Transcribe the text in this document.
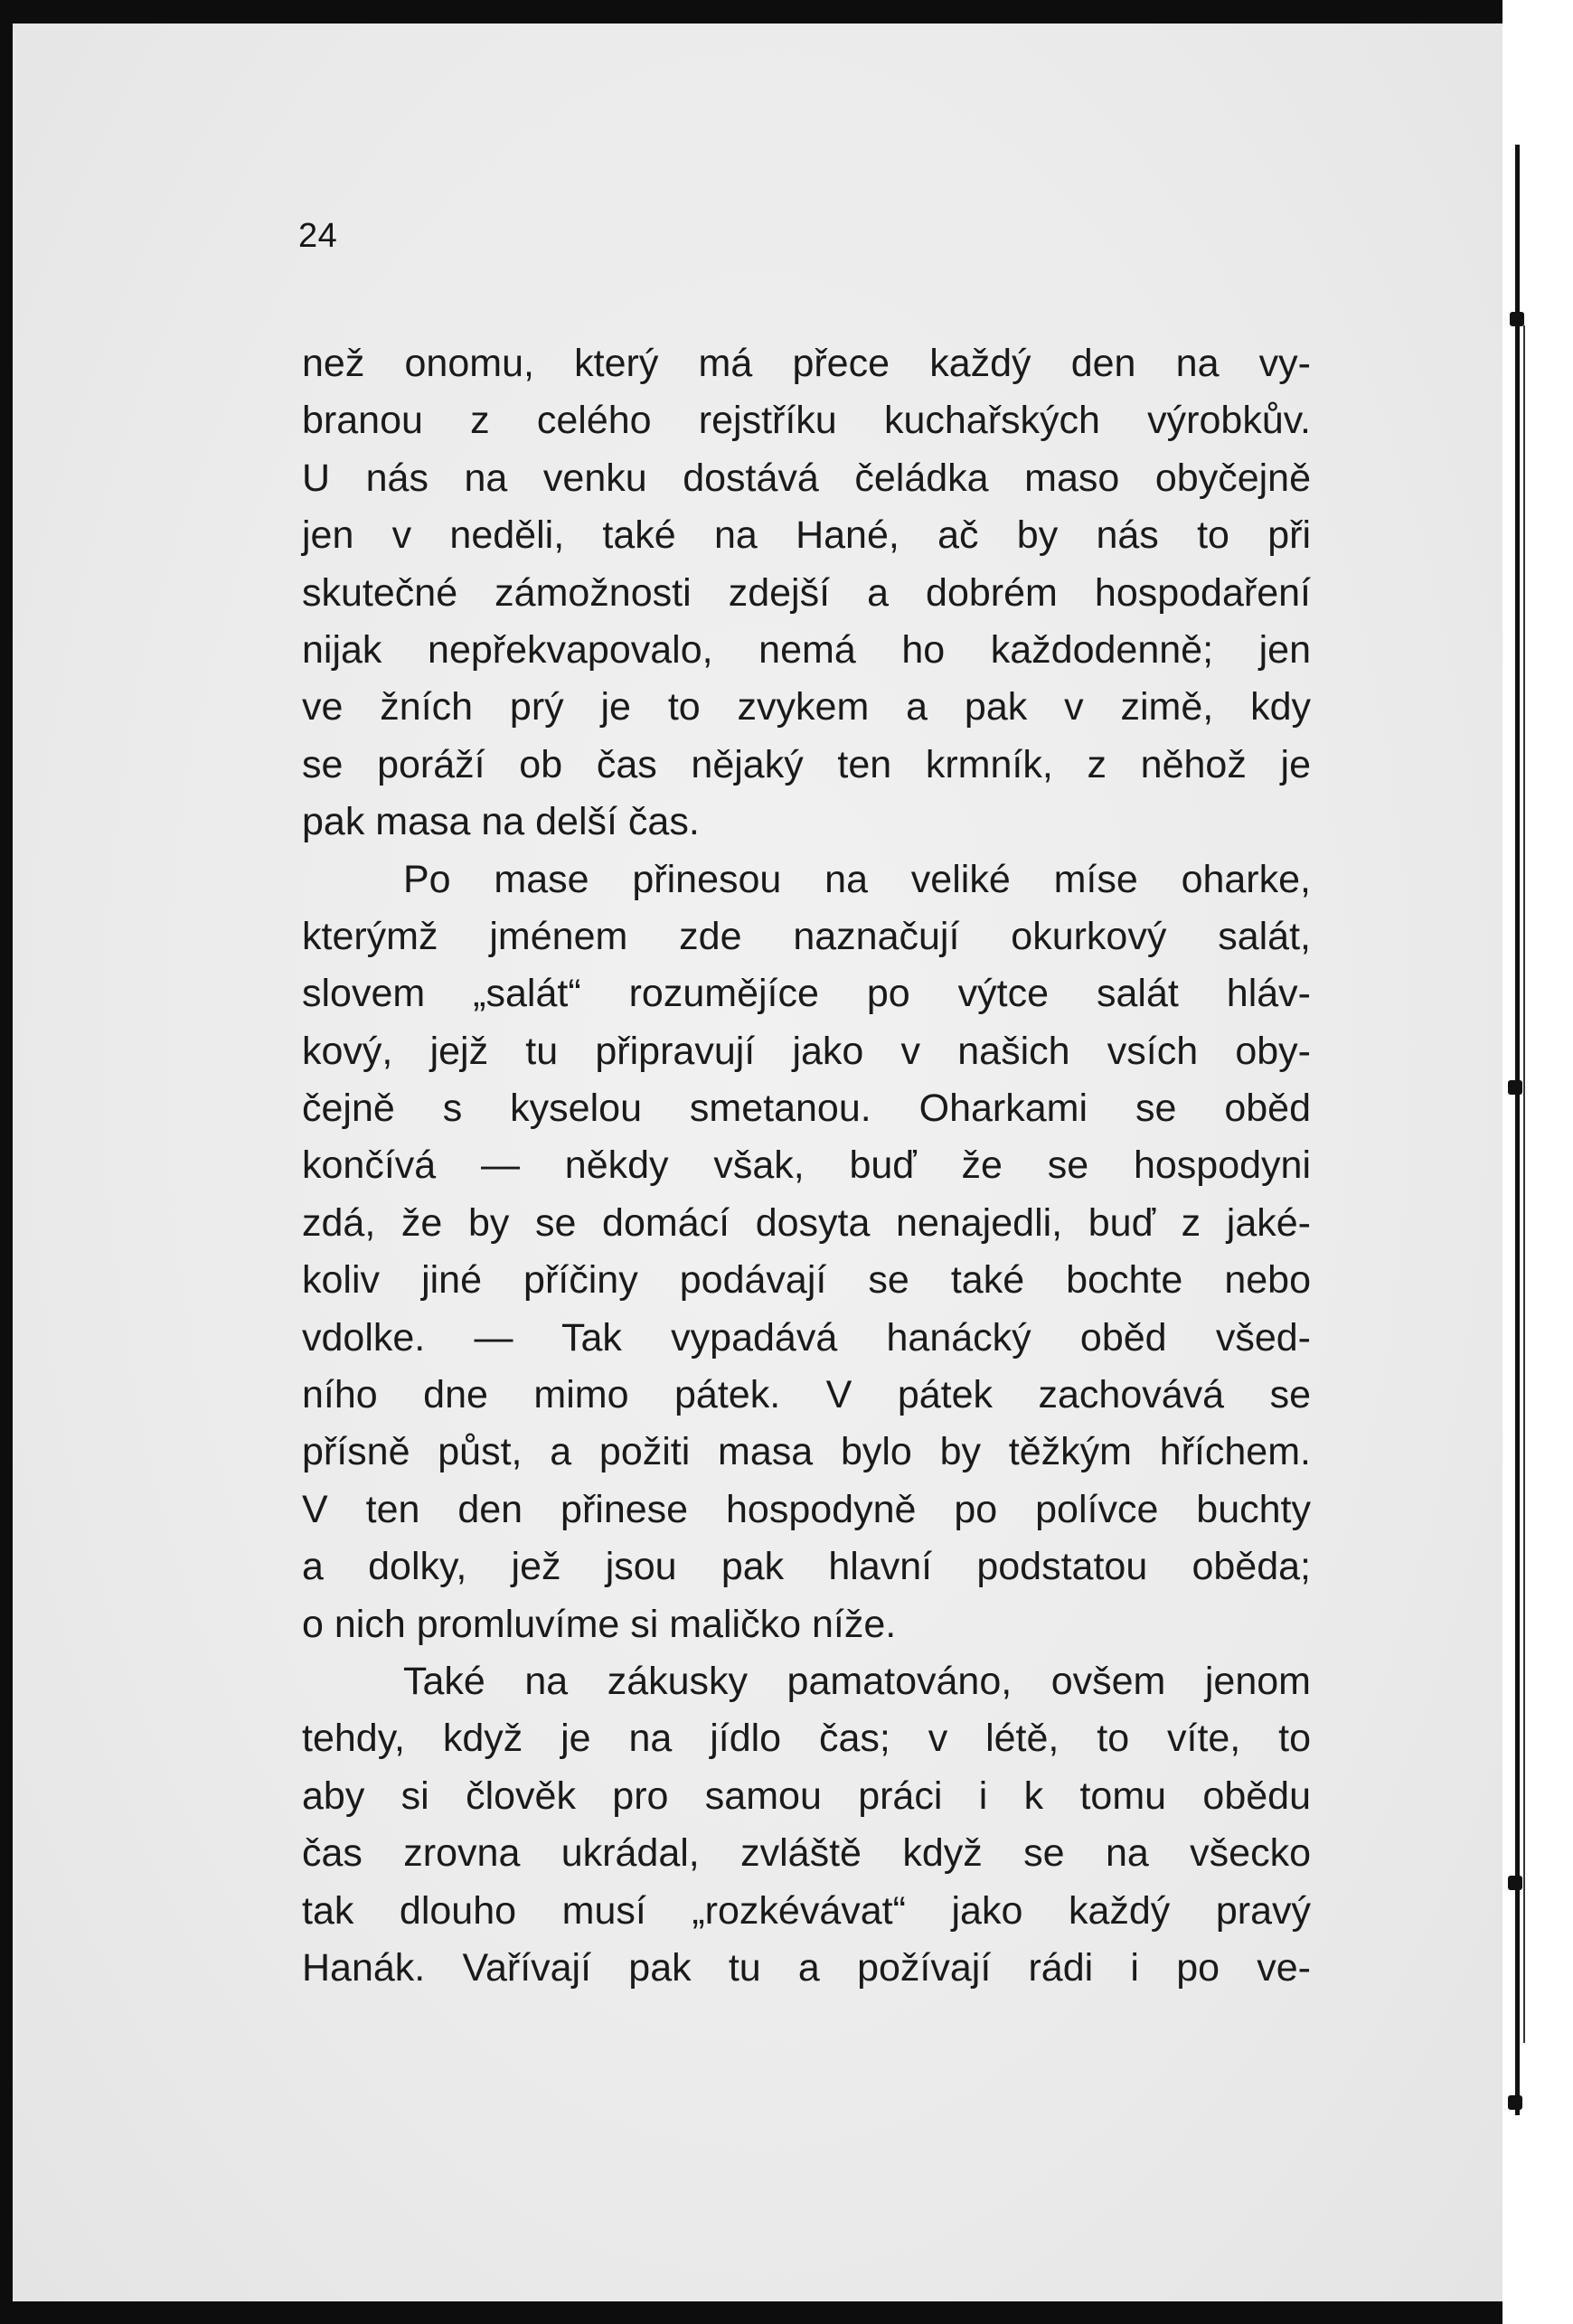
24
než onomu, který má přece každý den na vy-
branou z celého rejstříku kuchařských výrobkův.
U nás na venku dostává čeládka maso obyčejně
jen v neděli, také na Hané, ač by nás to při
skutečné zámožnosti zdejší a dobrém hospodaření
nijak nepřekvapovalo, nemá ho každodenně; jen
ve žních prý je to zvykem a pak v zimě, kdy
se poráží ob čas nějaký ten krmník, z něhož je
pak masa na delší čas.
Po mase přinesou na veliké míse oharke,
kterýmž jménem zde naznačují okurkový salát,
slovem „salát“ rozumějíce po výtce salát hláv-
kový, jejž tu připravují jako v našich vsích oby-
čejně s kyselou smetanou. Oharkami se oběd
končívá — někdy však, buď že se hospodyni
zdá, že by se domácí dosyta nenajedli, buď z jaké-
koliv jiné příčiny podávají se také bochte nebo
vdolke. — Tak vypadává hanácký oběd všed-
ního dne mimo pátek. V pátek zachovává se
přísně půst, a požiti masa bylo by těžkým hříchem.
V ten den přinese hospodyně po polívce buchty
a dolky, jež jsou pak hlavní podstatou oběda;
o nich promluvíme si maličko níže.
Také na zákusky pamatováno, ovšem jenom
tehdy, když je na jídlo čas; v létě, to víte, to
aby si člověk pro samou práci i k tomu obědu
čas zrovna ukrádal, zvláště když se na všecko
tak dlouho musí „rozkévávat“ jako každý pravý
Hanák. Vařívají pak tu a požívají rádi i po ve-
